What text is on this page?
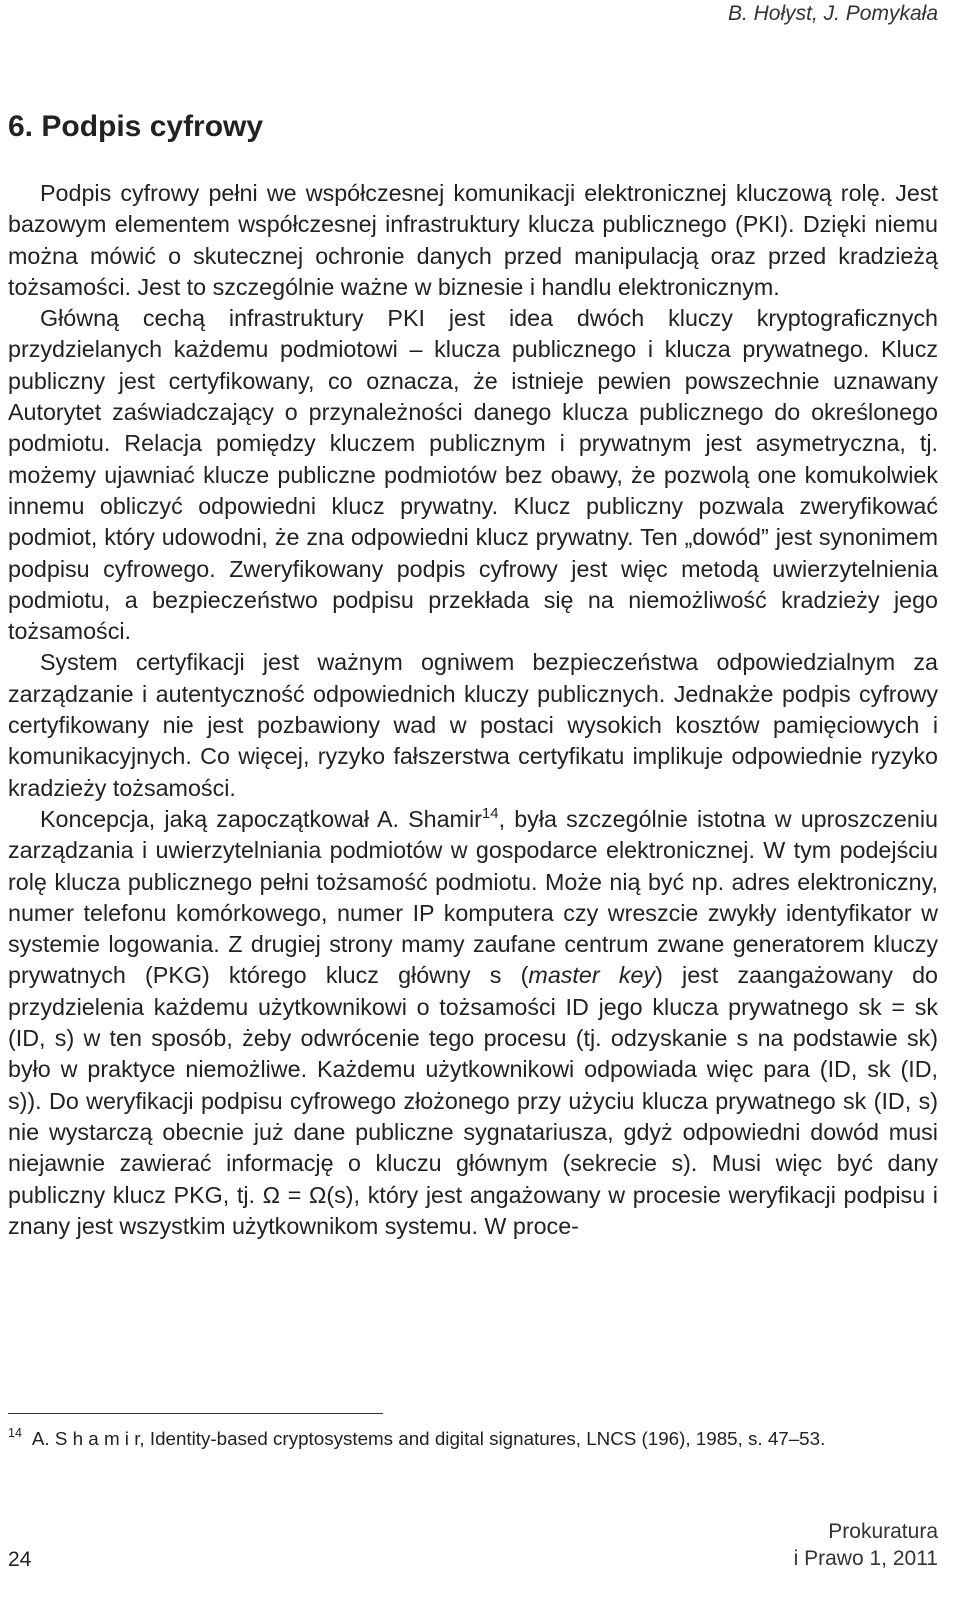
B. Hołyst, J. Pomykała
6. Podpis cyfrowy

Podpis cyfrowy pełni we współczesnej komunikacji elektronicznej kluczową rolę. Jest bazowym elementem współczesnej infrastruktury klucza publicznego (PKI). Dzięki niemu można mówić o skutecznej ochronie danych przed manipulacją oraz przed kradzieżą tożsamości. Jest to szczególnie ważne w biznesie i handlu elektronicznym.

Główną cechą infrastruktury PKI jest idea dwóch kluczy kryptograficznych przydzielanych każdemu podmiotowi – klucza publicznego i klucza prywatnego. Klucz publiczny jest certyfikowany, co oznacza, że istnieje pewien powszechnie uznawany Autorytet zaświadczający o przynależności danego klucza publicznego do określonego podmiotu. Relacja pomiędzy kluczem publicznym i prywatnym jest asymetryczna, tj. możemy ujawniać klucze publiczne podmiotów bez obawy, że pozwolą one komukolwiek innemu obliczyć odpowiedni klucz prywatny. Klucz publiczny pozwala zweryfikować podmiot, który udowodni, że zna odpowiedni klucz prywatny. Ten „dowód” jest synonimem podpisu cyfrowego. Zweryfikowany podpis cyfrowy jest więc metodą uwierzytelnienia podmiotu, a bezpieczeństwo podpisu przekłada się na niemożliwość kradzieży jego tożsamości.

System certyfikacji jest ważnym ogniwem bezpieczeństwa odpowiedzialnym za zarządzanie i autentyczność odpowiednich kluczy publicznych. Jednakże podpis cyfrowy certyfikowany nie jest pozbawiony wad w postaci wysokich kosztów pamięciowych i komunikacyjnych. Co więcej, ryzyko fałszerstwa certyfikatu implikuje odpowiednie ryzyko kradzieży tożsamości.

Koncepcja, jaką zapoczątkował A. Shamir$^{14}$, była szczególnie istotna w uproszczeniu zarządzania i uwierzytelniania podmiotów w gospodarce elektronicznej. W tym podejściu rolę klucza publicznego pełni tożsamość podmiotu. Może nią być np. adres elektroniczny, numer telefonu komórkowego, numer IP komputera czy wreszcie zwykły identyfikator w systemie logowania. Z drugiej strony mamy zaufane centrum zwane generatorem kluczy prywatnych (PKG) którego klucz główny s (master key) jest zaangażowany do przydzielenia każdemu użytkownikowi o tożsamości ID jego klucza prywatnego sk = sk (ID, s) w ten sposób, żeby odwrócenie tego procesu (tj. odzyskanie s na podstawie sk) było w praktyce niemożliwe. Każdemu użytkownikowi odpowiada więc para (ID, sk (ID, s)). Do weryfikacji podpisu cyfrowego złożonego przy użyciu klucza prywatnego sk (ID, s) nie wystarczą obecnie już dane publiczne sygnatariusza, gdyż odpowiedni dowód musi niejawnie zawierać informację o kluczu głównym (sekrecie s). Musi więc być dany publiczny klucz PKG, tj. Ω = Ω(s), który jest angażowany w procesie weryfikacji podpisu i znany jest wszystkim użytkownikom systemu. W proce-

$^{14}$ A. S h a m i r, Identity-based cryptosystems and digital signatures, LNCS (196), 1985, s. 47–53.
24
Prokuratura
i Prawo 1, 2011
